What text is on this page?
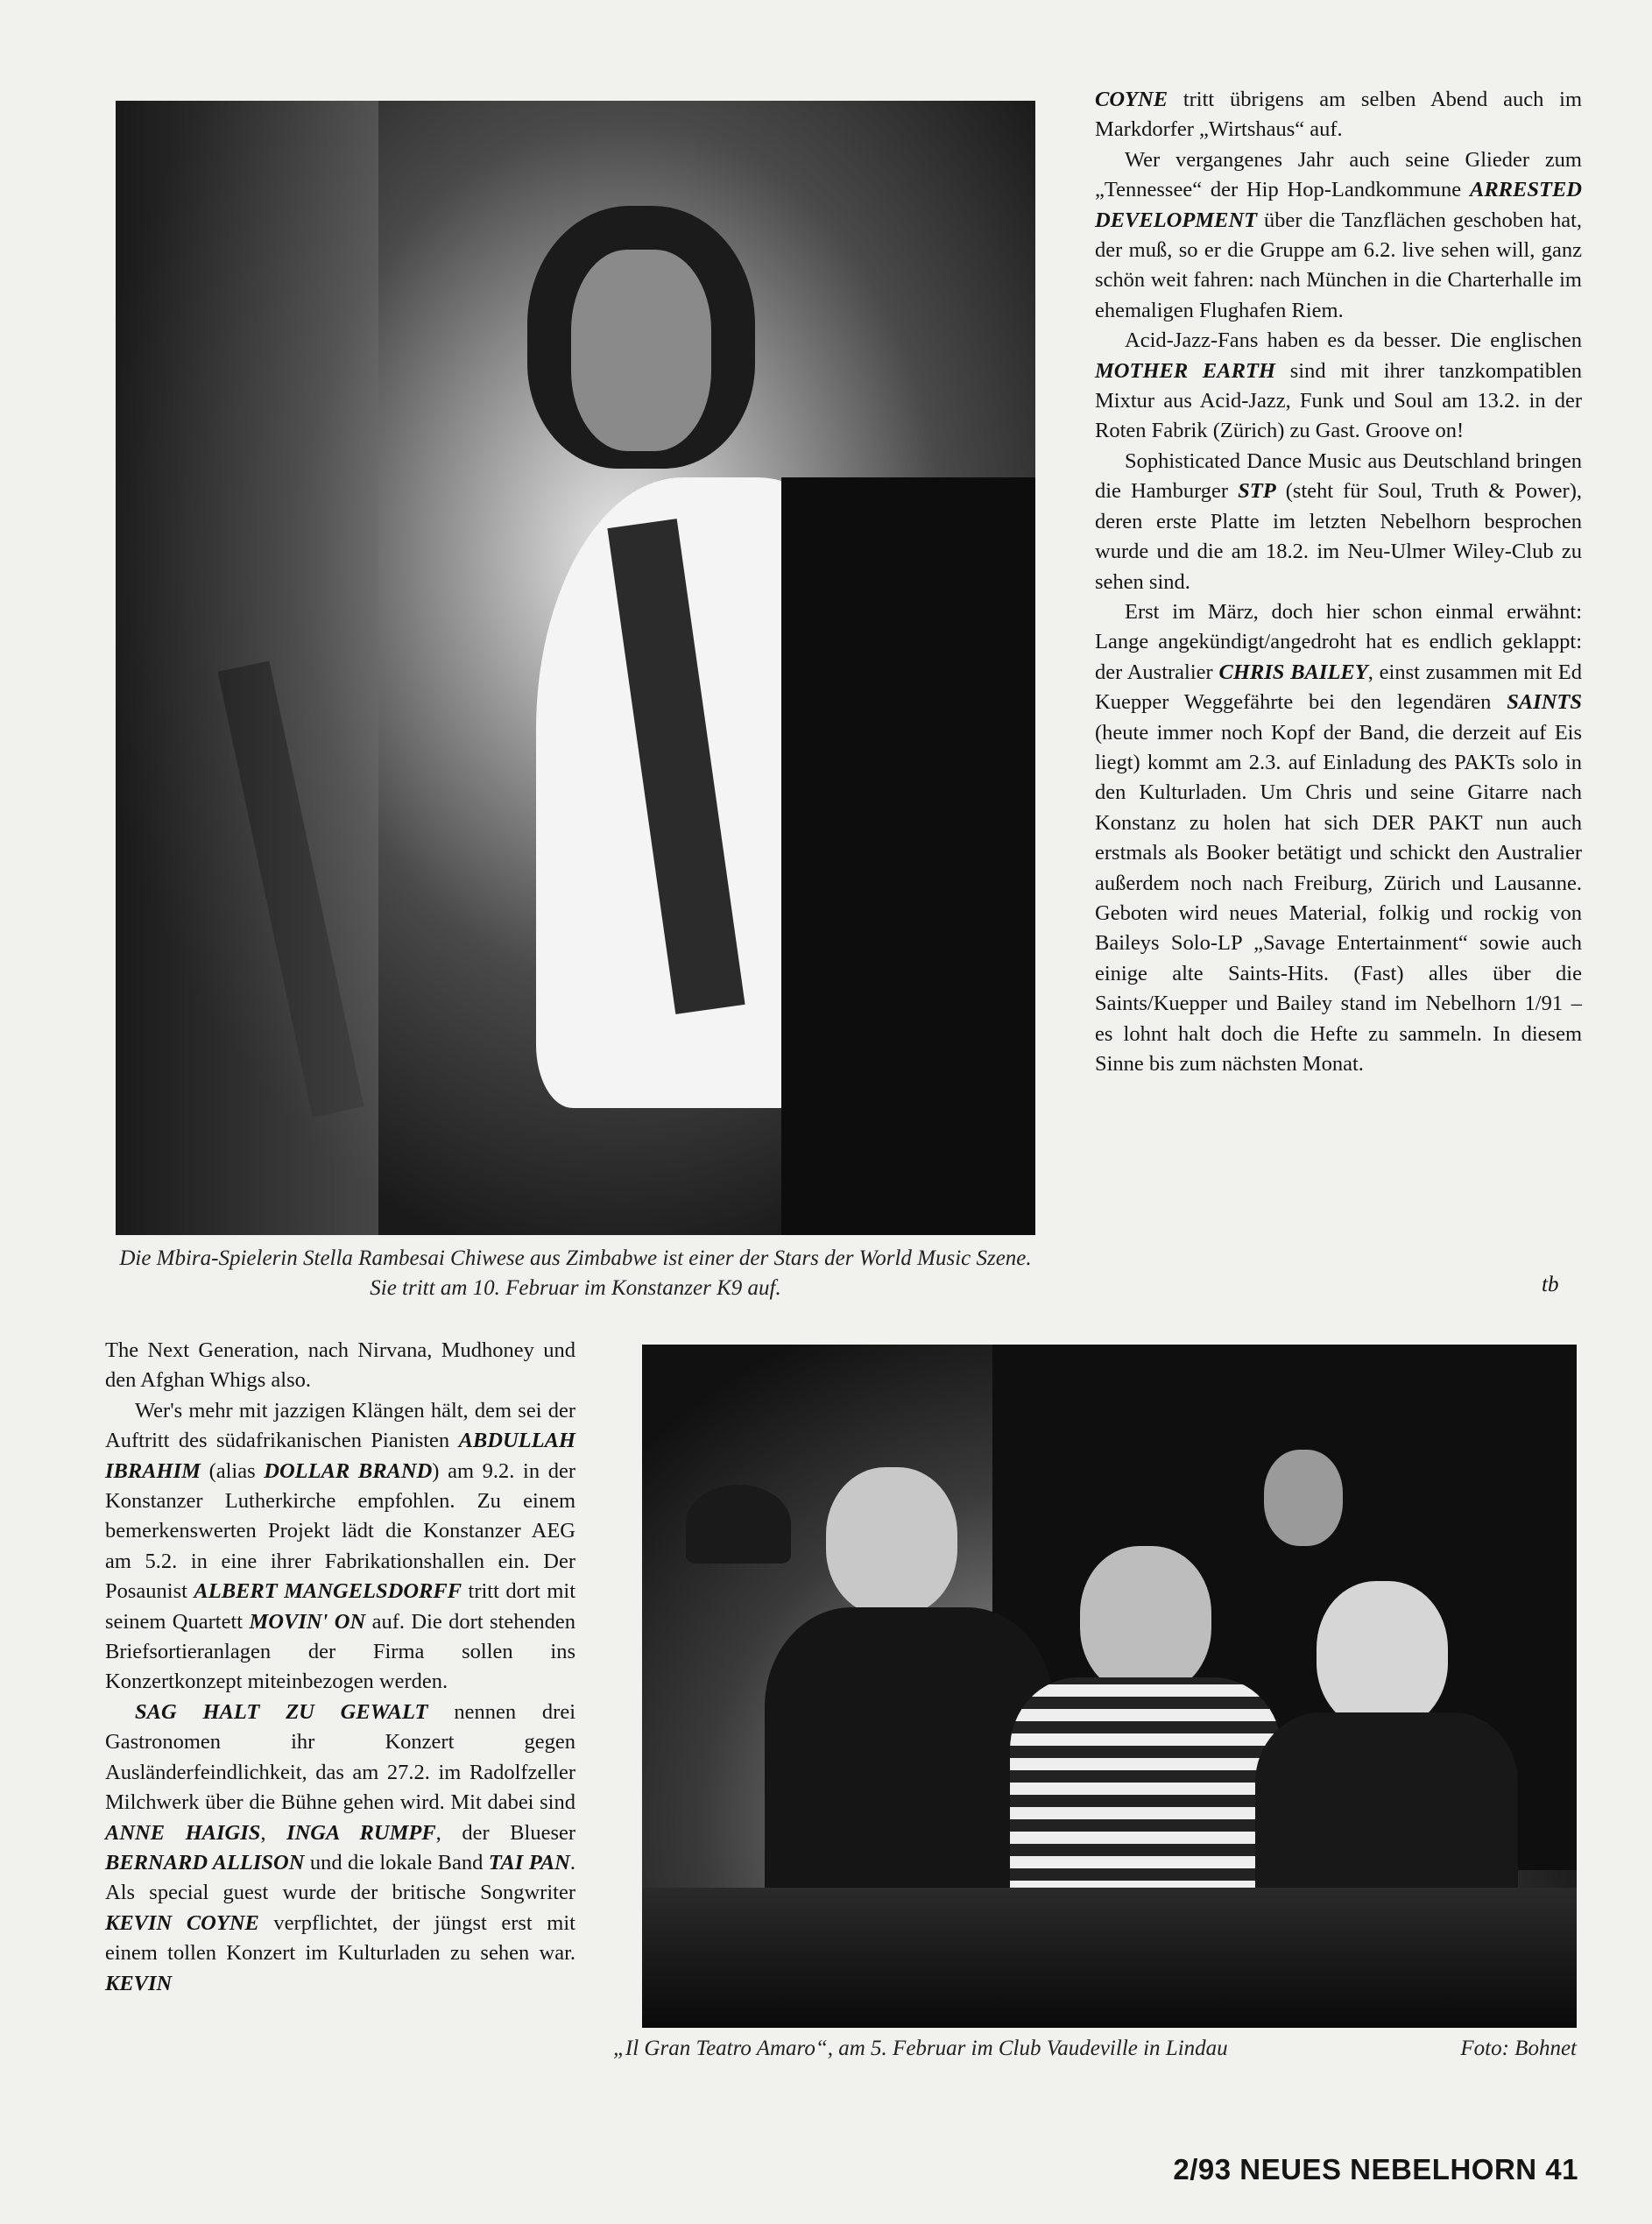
Die Mbira-Spielerin Stella Rambesai Chiwese aus Zimbabwe ist einer der Stars der World Music Szene. Sie tritt am 10. Februar im Konstanzer K9 auf.

COYNE tritt übrigens am selben Abend auch im Markdorfer „Wirtshaus“ auf.

Wer vergangenes Jahr auch seine Glieder zum „Tennessee“ der Hip Hop-Landkommune ARRESTED DEVELOPMENT über die Tanzflächen geschoben hat, der muß, so er die Gruppe am 6.2. live sehen will, ganz schön weit fahren: nach München in die Charterhalle im ehemaligen Flughafen Riem.

Acid-Jazz-Fans haben es da besser. Die englischen MOTHER EARTH sind mit ihrer tanzkompatiblen Mixtur aus Acid-Jazz, Funk und Soul am 13.2. in der Roten Fabrik (Zürich) zu Gast. Groove on!

Sophisticated Dance Music aus Deutschland bringen die Hamburger STP (steht für Soul, Truth & Power), deren erste Platte im letzten Nebelhorn besprochen wurde und die am 18.2. im Neu-Ulmer Wiley-Club zu sehen sind.

Erst im März, doch hier schon einmal erwähnt: Lange angekündigt/angedroht hat es endlich geklappt: der Australier CHRIS BAILEY, einst zusammen mit Ed Kuepper Weggefährte bei den legendären SAINTS (heute immer noch Kopf der Band, die derzeit auf Eis liegt) kommt am 2.3. auf Einladung des PAKTs solo in den Kulturladen. Um Chris und seine Gitarre nach Konstanz zu holen hat sich DER PAKT nun auch erstmals als Booker betätigt und schickt den Australier außerdem noch nach Freiburg, Zürich und Lausanne. Geboten wird neues Material, folkig und rockig von Baileys Solo-LP „Savage Entertainment“ sowie auch einige alte Saints-Hits. (Fast) alles über die Saints/Kuepper und Bailey stand im Nebelhorn 1/91 – es lohnt halt doch die Hefte zu sammeln. In diesem Sinne bis zum nächsten Monat.

tb

The Next Generation, nach Nirvana, Mudhoney und den Afghan Whigs also.

Wer's mehr mit jazzigen Klängen hält, dem sei der Auftritt des südafrikanischen Pianisten ABDULLAH IBRAHIM (alias DOLLAR BRAND) am 9.2. in der Konstanzer Lutherkirche empfohlen. Zu einem bemerkenswerten Projekt lädt die Konstanzer AEG am 5.2. in eine ihrer Fabrikationshallen ein. Der Posaunist ALBERT MANGELSDORFF tritt dort mit seinem Quartett MOVIN' ON auf. Die dort stehenden Briefsortieranlagen der Firma sollen ins Konzertkonzept miteinbezogen werden.

SAG HALT ZU GEWALT nennen drei Gastronomen ihr Konzert gegen Ausländerfeindlichkeit, das am 27.2. im Radolfzeller Milchwerk über die Bühne gehen wird. Mit dabei sind ANNE HAIGIS, INGA RUMPF, der Blueser BERNARD ALLISON und die lokale Band TAI PAN. Als special guest wurde der britische Songwriter KEVIN COYNE verpflichtet, der jüngst erst mit einem tollen Konzert im Kulturladen zu sehen war. KEVIN

„Il Gran Teatro Amaro“, am 5. Februar im Club Vaudeville in Lindau	Foto: Bohnet
2/93 NEUES NEBELHORN 41
